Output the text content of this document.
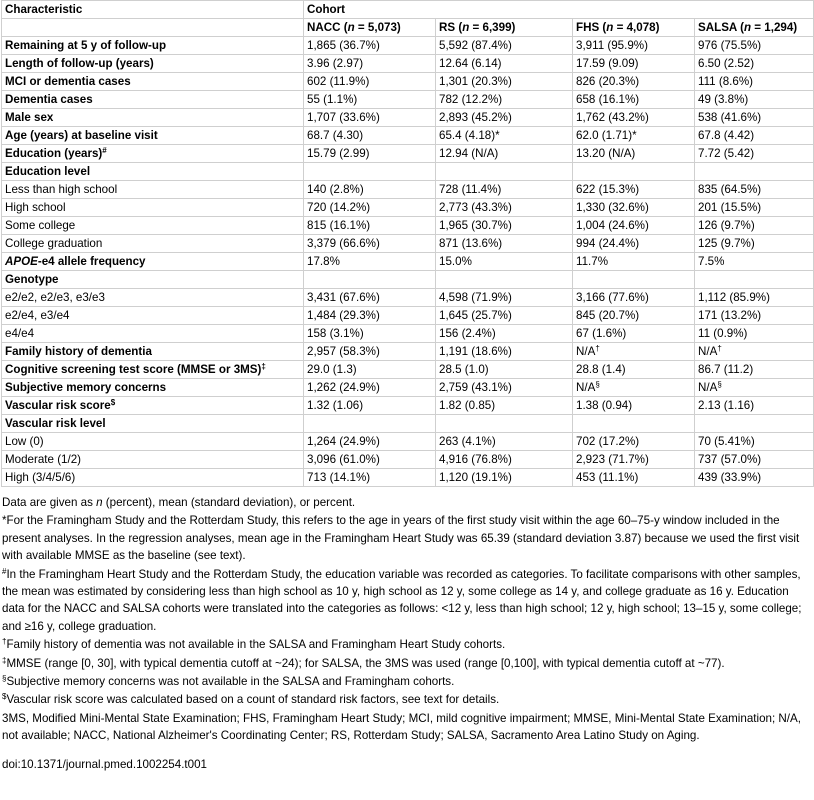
Characteristic	Cohort			
	NACC (n = 5,073)	RS (n = 6,399)	FHS (n = 4,078)	SALSA (n = 1,294)
Remaining at 5 y of follow-up	1,865 (36.7%)	5,592 (87.4%)	3,911 (95.9%)	976 (75.5%)
Length of follow-up (years)	3.96 (2.97)	12.64 (6.14)	17.59 (9.09)	6.50 (2.52)
MCI or dementia cases	602 (11.9%)	1,301 (20.3%)	826 (20.3%)	111 (8.6%)
Dementia cases	55 (1.1%)	782 (12.2%)	658 (16.1%)	49 (3.8%)
Male sex	1,707 (33.6%)	2,893 (45.2%)	1,762 (43.2%)	538 (41.6%)
Age (years) at baseline visit	68.7 (4.30)	65.4 (4.18)*	62.0 (1.71)*	67.8 (4.42)
Education (years)#	15.79 (2.99)	12.94 (N/A)	13.20 (N/A)	7.72 (5.42)
Education level				
Less than high school	140 (2.8%)	728 (11.4%)	622 (15.3%)	835 (64.5%)
High school	720 (14.2%)	2,773 (43.3%)	1,330 (32.6%)	201 (15.5%)
Some college	815 (16.1%)	1,965 (30.7%)	1,004 (24.6%)	126 (9.7%)
College graduation	3,379 (66.6%)	871 (13.6%)	994 (24.4%)	125 (9.7%)
APOE-e4 allele frequency	17.8%	15.0%	11.7%	7.5%
Genotype				
e2/e2, e2/e3, e3/e3	3,431 (67.6%)	4,598 (71.9%)	3,166 (77.6%)	1,112 (85.9%)
e2/e4, e3/e4	1,484 (29.3%)	1,645 (25.7%)	845 (20.7%)	171 (13.2%)
e4/e4	158 (3.1%)	156 (2.4%)	67 (1.6%)	11 (0.9%)
Family history of dementia	2,957 (58.3%)	1,191 (18.6%)	N/A†	N/A†
Cognitive screening test score (MMSE or 3MS)‡	29.0 (1.3)	28.5 (1.0)	28.8 (1.4)	86.7 (11.2)
Subjective memory concerns	1,262 (24.9%)	2,759 (43.1%)	N/A§	N/A§
Vascular risk score$	1.32 (1.06)	1.82 (0.85)	1.38 (0.94)	2.13 (1.16)
Vascular risk level				
Low (0)	1,264 (24.9%)	263 (4.1%)	702 (17.2%)	70 (5.41%)
Moderate (1/2)	3,096 (61.0%)	4,916 (76.8%)	2,923 (71.7%)	737 (57.0%)
High (3/4/5/6)	713 (14.1%)	1,120 (19.1%)	453 (11.1%)	439 (33.9%)

Data are given as n (percent), mean (standard deviation), or percent.

*For the Framingham Study and the Rotterdam Study, this refers to the age in years of the first study visit within the age 60–75-y window included in the present analyses. In the regression analyses, mean age in the Framingham Heart Study was 65.39 (standard deviation 3.87) because we used the first visit with available MMSE as the baseline (see text).

#In the Framingham Heart Study and the Rotterdam Study, the education variable was recorded as categories. To facilitate comparisons with other samples, the mean was estimated by considering less than high school as 10 y, high school as 12 y, some college as 14 y, and college graduate as 16 y. Education data for the NACC and SALSA cohorts were translated into the categories as follows: <12 y, less than high school; 12 y, high school; 13–15 y, some college; and ≥16 y, college graduation.

†Family history of dementia was not available in the SALSA and Framingham Heart Study cohorts.

‡MMSE (range [0, 30], with typical dementia cutoff at ~24); for SALSA, the 3MS was used (range [0,100], with typical dementia cutoff at ~77).

§Subjective memory concerns was not available in the SALSA and Framingham cohorts.

$Vascular risk score was calculated based on a count of standard risk factors, see text for details.

3MS, Modified Mini-Mental State Examination; FHS, Framingham Heart Study; MCI, mild cognitive impairment; MMSE, Mini-Mental State Examination; N/A, not available; NACC, National Alzheimer's Coordinating Center; RS, Rotterdam Study; SALSA, Sacramento Area Latino Study on Aging.

doi:10.1371/journal.pmed.1002254.t001
